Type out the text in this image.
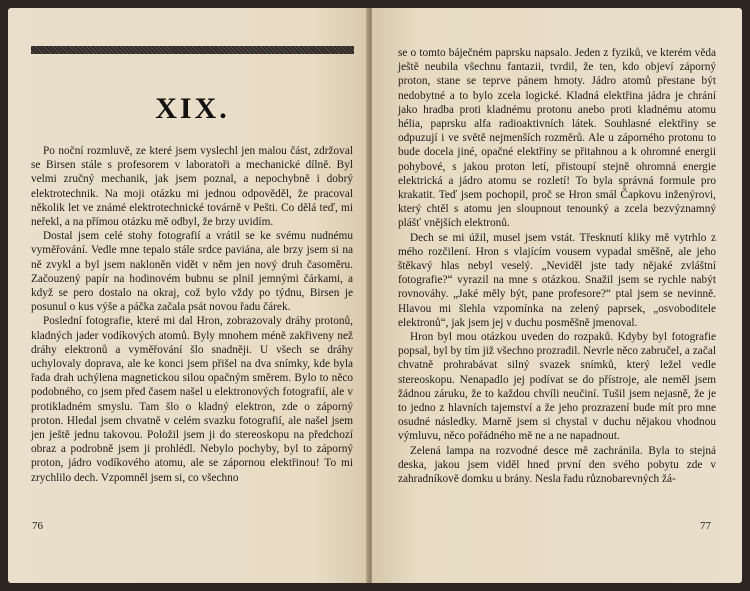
XIX.

Po noční rozmluvě, ze které jsem vyslechl jen malou část, zdržoval se Birsen stále s profesorem v laboratoři a mechanické dílně. Byl velmi zručný mechanik, jak jsem poznal, a nepochybně i dobrý elektrotechnik. Na moji otázku mi jednou odpověděl, že pracoval několik let ve známé elektrotechnické továrně v Pešti. Co dělá teď, mi neřekl, a na přímou otázku mě odbyl, že brzy uvidím.

Dostal jsem celé stohy fotografií a vrátil se ke svému nudnému vyměřování. Vedle mne tepalo stále srdce paviána, ale brzy jsem si na ně zvykl a byl jsem nakloněn vidět v něm jen nový druh časoměru. Začouzený papír na hodinovém bubnu se plnil jemnými čárkami, a když se pero dostalo na okraj, což bylo vždy po týdnu, Birsen je posunul o kus výše a páčka začala psát novou řadu čárek.

Poslední fotografie, které mi dal Hron, zobrazovaly dráhy protonů, kladných jader vodíkových atomů. Byly mnohem méně zakřiveny než dráhy elektronů a vyměřování šlo snadněji. U všech se dráhy uchylovaly doprava, ale ke konci jsem přišel na dva snímky, kde byla řada drah uchýlena magnetickou silou opačným směrem. Bylo to něco podobného, co jsem před časem našel u elektronových fotografií, ale v protikladném smyslu. Tam šlo o kladný elektron, zde o záporný proton. Hledal jsem chvatně v celém svazku fotografií, ale našel jsem jen ještě jednu takovou. Položil jsem ji do stereoskopu na předchozí obraz a podrobně jsem ji prohlédl. Nebylo pochyby, byl to záporný proton, jádro vodíkového atomu, ale se zápornou elektřinou! To mi zrychlilo dech. Vzpomněl jsem si, co všechno

76

se o tomto báječném paprsku napsalo. Jeden z fyziků, ve kterém věda ještě neubila všechnu fantazii, tvrdil, že ten, kdo objeví záporný proton, stane se teprve pánem hmoty. Jádro atomů přestane být nedobytné a to bylo zcela logické. Kladná elektřina jádra je chrání jako hradba proti kladnému protonu anebo proti kladnému atomu hélia, paprsku alfa radioaktivních látek. Souhlasné elektřiny se odpuzují i ve světě nejmenších rozměrů. Ale u záporného protonu to bude docela jiné, opačné elektřiny se přitahnou a k ohromné energii pohybové, s jakou proton letí, přistoupí stejně ohromná energie elektrická a jádro atomu se rozletí! To byla správná formule pro krakatit. Teď jsem pochopil, proč se Hron smál Čapkovu inženýrovi, který chtěl s atomu jen sloupnout tenounký a zcela bezvýznamný plášť vnějších elektronů.

Dech se mi úžil, musel jsem vstát. Třesknutí kliky mě vytrhlo z mého rozčilení. Hron s vlajícím vousem vypadal směšně, ale jeho štěkavý hlas nebyl veselý. „Neviděl jste tady nějaké zvláštní fotografie?“ vyrazil na mne s otázkou. Snažil jsem se rychle nabýt rovnováhy. „Jaké měly být, pane profesore?“ ptal jsem se nevinně. Hlavou mi šlehla vzpomínka na zelený paprsek, „osvoboditele elektronů“, jak jsem jej v duchu posměšně jmenoval.

Hron byl mou otázkou uveden do rozpaků. Kdyby byl fotografie popsal, byl by tím již všechno prozradil. Nevrle něco zabručel, a začal chvatně prohrabávat silný svazek snímků, který ležel vedle stereoskopu. Nenapadlo jej podívat se do přístroje, ale neměl jsem žádnou záruku, že to každou chvíli neučiní. Tušil jsem nejasně, že je to jedno z hlavních tajemství a že jeho prozrazení bude mít pro mne osudné následky. Marně jsem si chystal v duchu nějakou vhodnou výmluvu, něco pořádného mě ne a ne napadnout.

Zelená lampa na rozvodné desce mě zachránila. Byla to stejná deska, jakou jsem viděl hned první den svého pobytu zde v zahradníkově domku u brány. Nesla řadu různobarevných žá-

77
